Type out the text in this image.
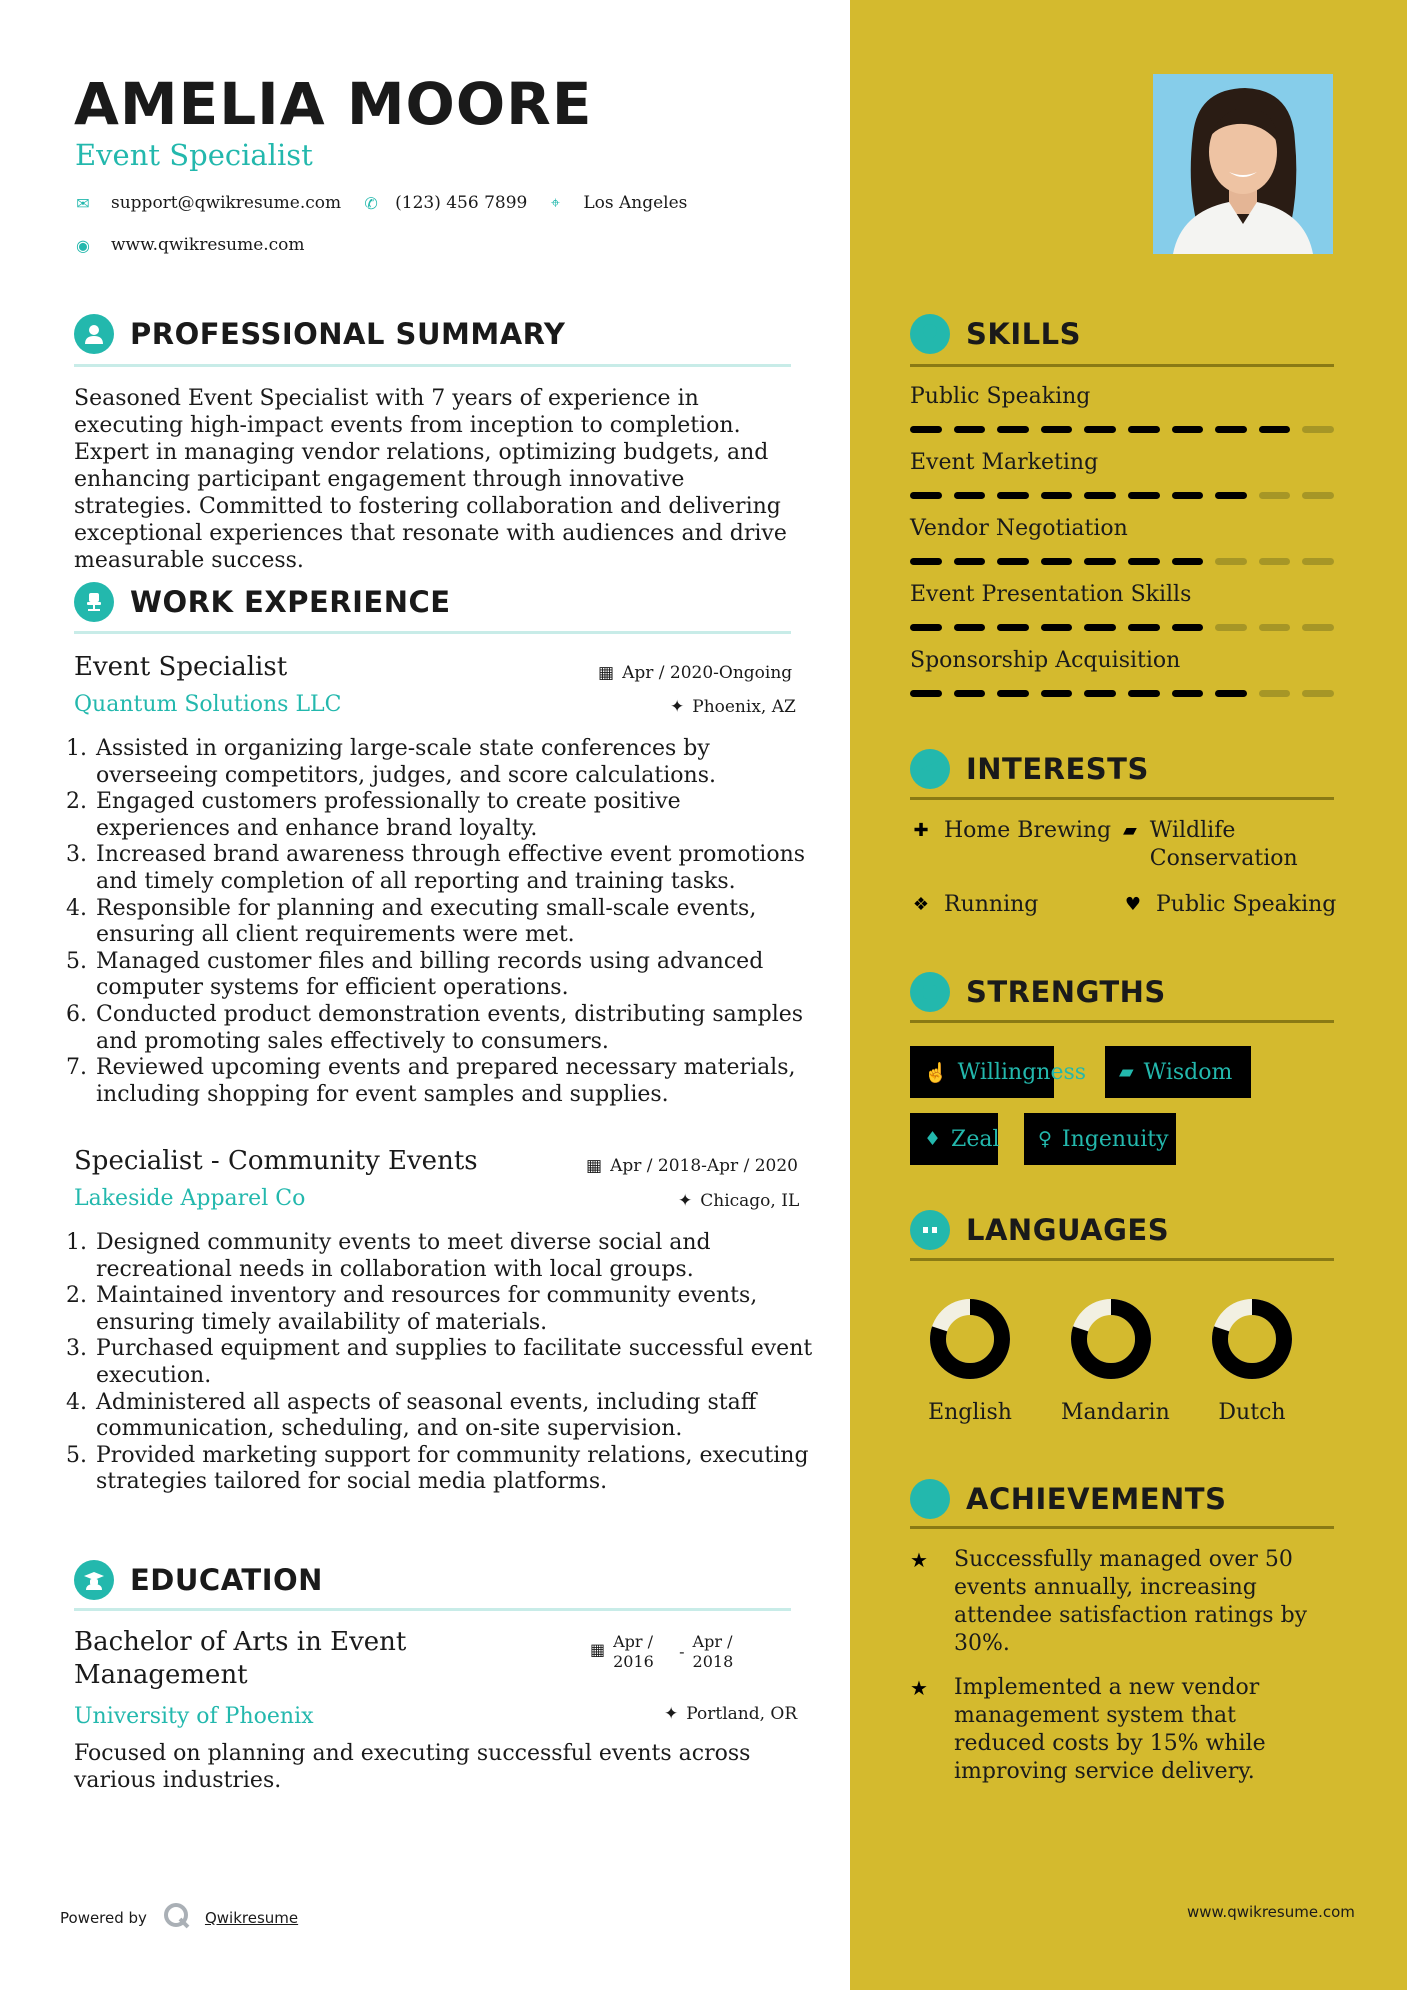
AMELIA MOORE
Event Specialist
✉ support@qwikresume.com ✆ (123) 456 7899 ⌖ Los Angeles
◉ www.qwikresume.com
PROFESSIONAL SUMMARY
Seasoned Event Specialist with 7 years of experience in executing high-impact events from inception to completion. Expert in managing vendor relations, optimizing budgets, and enhancing participant engagement through innovative strategies. Committed to fostering collaboration and delivering exceptional experiences that resonate with audiences and drive measurable success.
WORK EXPERIENCE
Event Specialist
Quantum Solutions LLC
▦ Apr / 2020-Ongoing
✦ Phoenix, AZ
1. Assisted in organizing large-scale state conferences by overseeing competitors, judges, and score calculations.
2. Engaged customers professionally to create positive experiences and enhance brand loyalty.
3. Increased brand awareness through effective event promotions and timely completion of all reporting and training tasks.
4. Responsible for planning and executing small-scale events, ensuring all client requirements were met.
5. Managed customer files and billing records using advanced computer systems for efficient operations.
6. Conducted product demonstration events, distributing samples and promoting sales effectively to consumers.
7. Reviewed upcoming events and prepared necessary materials, including shopping for event samples and supplies.
Specialist - Community Events
Lakeside Apparel Co
▦ Apr / 2018-Apr / 2020
✦ Chicago, IL
1. Designed community events to meet diverse social and recreational needs in collaboration with local groups.
2. Maintained inventory and resources for community events, ensuring timely availability of materials.
3. Purchased equipment and supplies to facilitate successful event execution.
4. Administered all aspects of seasonal events, including staff communication, scheduling, and on-site supervision.
5. Provided marketing support for community relations, executing strategies tailored for social media platforms.
EDUCATION
Bachelor of Arts in Event Management
University of Phoenix
▦ Apr / 2016
-
Apr / 2018
✦ Portland, OR
Focused on planning and executing successful events across various industries.
Powered by	Qwikresume	www.qwikresume.com
SKILLS
Public Speaking
Event Marketing
Vendor Negotiation
Event Presentation Skills
Sponsorship Acquisition
INTERESTS
✚ Home Brewing ▰ Wildlife Conservation
❖ Running	♥ Public Speaking
STRENGTHS
☝ Willingness ▰ Wisdom
♦ Zeal ♀ Ingenuity
LANGUAGES
English	Mandarin	Dutch
ACHIEVEMENTS
★	Successfully managed over 50 events annually, increasing attendee satisfaction ratings by 30%.
★	Implemented a new vendor management system that reduced costs by 15% while improving service delivery.
